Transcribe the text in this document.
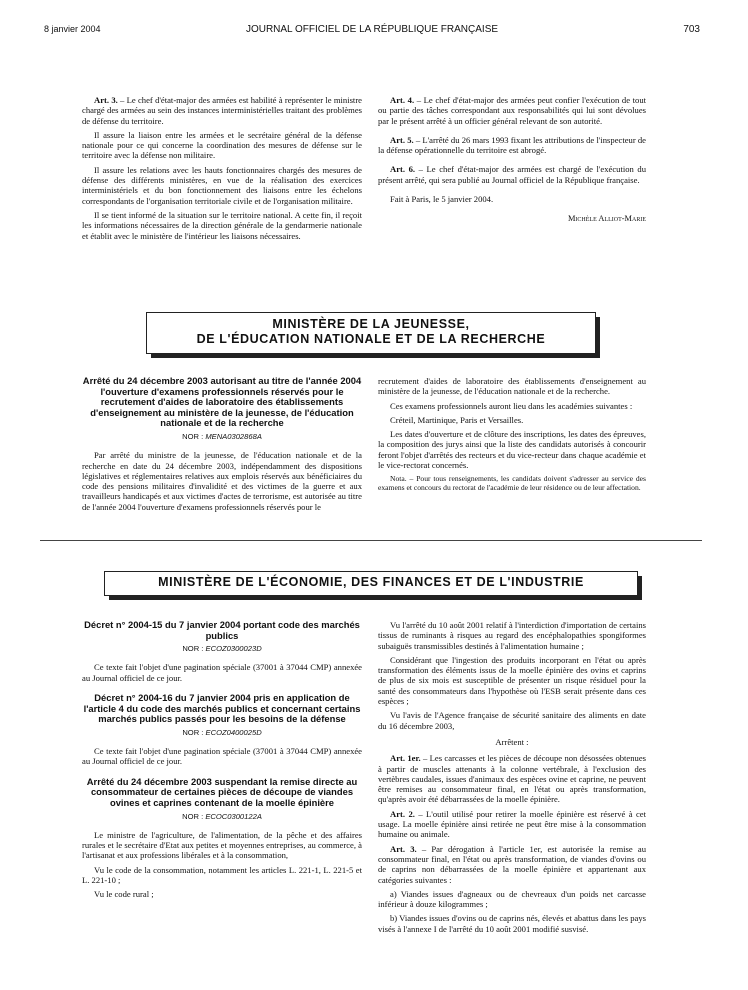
8 janvier 2004	JOURNAL OFFICIEL DE LA RÉPUBLIQUE FRANÇAISE	703

Art. 3. – Le chef d'état-major des armées est habilité à représenter le ministre chargé des armées au sein des instances interministérielles traitant des problèmes de défense du territoire.

Il assure la liaison entre les armées et le secrétaire général de la défense nationale pour ce qui concerne la coordination des mesures de défense sur le territoire avec la défense non militaire.

Il assure les relations avec les hauts fonctionnaires chargés des mesures de défense des différents ministères, en vue de la réalisation des exercices interministériels et du bon fonctionnement des liaisons entre les échelons correspondants de l'organisation territoriale civile et de l'organisation militaire.

Il se tient informé de la situation sur le territoire national. A cette fin, il reçoit les informations nécessaires de la direction générale de la gendarmerie nationale et établit avec le ministère de l'intérieur les liaisons nécessaires.

Art. 4. – Le chef d'état-major des armées peut confier l'exécution de tout ou partie des tâches correspondant aux responsabilités qui lui sont dévolues par le présent arrêté à un officier général relevant de son autorité.

Art. 5. – L'arrêté du 26 mars 1993 fixant les attributions de l'inspecteur de la défense opérationnelle du territoire est abrogé.

Art. 6. – Le chef d'état-major des armées est chargé de l'exécution du présent arrêté, qui sera publié au Journal officiel de la République française.

Fait à Paris, le 5 janvier 2004.

Michèle Alliot-Marie
MINISTÈRE DE LA JEUNESSE,
DE L'ÉDUCATION NATIONALE ET DE LA RECHERCHE
Arrêté du 24 décembre 2003 autorisant au titre de l'année 2004 l'ouverture d'examens professionnels réservés pour le recrutement d'aides de laboratoire des établissements d'enseignement au ministère de la jeunesse, de l'éducation nationale et de la recherche
NOR : MENA0302868A

Par arrêté du ministre de la jeunesse, de l'éducation nationale et de la recherche en date du 24 décembre 2003, indépendamment des dispositions législatives et réglementaires relatives aux emplois réservés aux bénéficiaires du code des pensions militaires d'invalidité et des victimes de la guerre et aux travailleurs handicapés et aux victimes d'actes de terrorisme, est autorisée au titre de l'année 2004 l'ouverture d'examens professionnels réservés pour le

recrutement d'aides de laboratoire des établissements d'enseignement au ministère de la jeunesse, de l'éducation nationale et de la recherche.

Ces examens professionnels auront lieu dans les académies suivantes :

Créteil, Martinique, Paris et Versailles.

Les dates d'ouverture et de clôture des inscriptions, les dates des épreuves, la composition des jurys ainsi que la liste des candidats autorisés à concourir feront l'objet d'arrêtés des recteurs et du vice-recteur dans chaque académie et le vice-rectorat concernés.

Nota. – Pour tous renseignements, les candidats doivent s'adresser au service des examens et concours du rectorat de l'académie de leur résidence ou de leur affectation.

MINISTÈRE DE L'ÉCONOMIE, DES FINANCES ET DE L'INDUSTRIE
Décret n° 2004-15 du 7 janvier 2004 portant code des marchés publics
NOR : ECOZ0300023D

Ce texte fait l'objet d'une pagination spéciale (37001 à 37044 CMP) annexée au Journal officiel de ce jour.

Décret n° 2004-16 du 7 janvier 2004 pris en application de l'article 4 du code des marchés publics et concernant certains marchés publics passés pour les besoins de la défense
NOR : ECOZ0400025D

Ce texte fait l'objet d'une pagination spéciale (37001 à 37044 CMP) annexée au Journal officiel de ce jour.

Arrêté du 24 décembre 2003 suspendant la remise directe au consommateur de certaines pièces de découpe de viandes ovines et caprines contenant de la moelle épinière
NOR : ECOC0300122A

Le ministre de l'agriculture, de l'alimentation, de la pêche et des affaires rurales et le secrétaire d'Etat aux petites et moyennes entreprises, au commerce, à l'artisanat et aux professions libérales et à la consommation,

Vu le code de la consommation, notamment les articles L. 221-1, L. 221-5 et L. 221-10 ;

Vu le code rural ;

Vu l'arrêté du 10 août 2001 relatif à l'interdiction d'importation de certains tissus de ruminants à risques au regard des encéphalopathies spongiformes subaiguës transmissibles destinés à l'alimentation humaine ;

Considérant que l'ingestion des produits incorporant en l'état ou après transformation des éléments issus de la moelle épinière des ovins et caprins de plus de six mois est susceptible de présenter un risque résiduel pour la santé des consommateurs dans l'hypothèse où l'ESB serait présente dans ces espèces ;

Vu l'avis de l'Agence française de sécurité sanitaire des aliments en date du 16 décembre 2003,

Arrêtent :

Art. 1er. – Les carcasses et les pièces de découpe non désossées obtenues à partir de muscles attenants à la colonne vertébrale, à l'exclusion des vertèbres caudales, issues d'animaux des espèces ovine et caprine, ne peuvent être remises au consommateur final, en l'état ou après transformation, qu'après avoir été débarrassées de la moelle épinière.

Art. 2. – L'outil utilisé pour retirer la moelle épinière est réservé à cet usage. La moelle épinière ainsi retirée ne peut être mise à la consommation humaine ou animale.

Art. 3. – Par dérogation à l'article 1er, est autorisée la remise au consommateur final, en l'état ou après transformation, de viandes d'ovins ou de caprins non débarrassées de la moelle épinière et appartenant aux catégories suivantes :

a) Viandes issues d'agneaux ou de chevreaux d'un poids net carcasse inférieur à douze kilogrammes ;

b) Viandes issues d'ovins ou de caprins nés, élevés et abattus dans les pays visés à l'annexe I de l'arrêté du 10 août 2001 modifié susvisé.
